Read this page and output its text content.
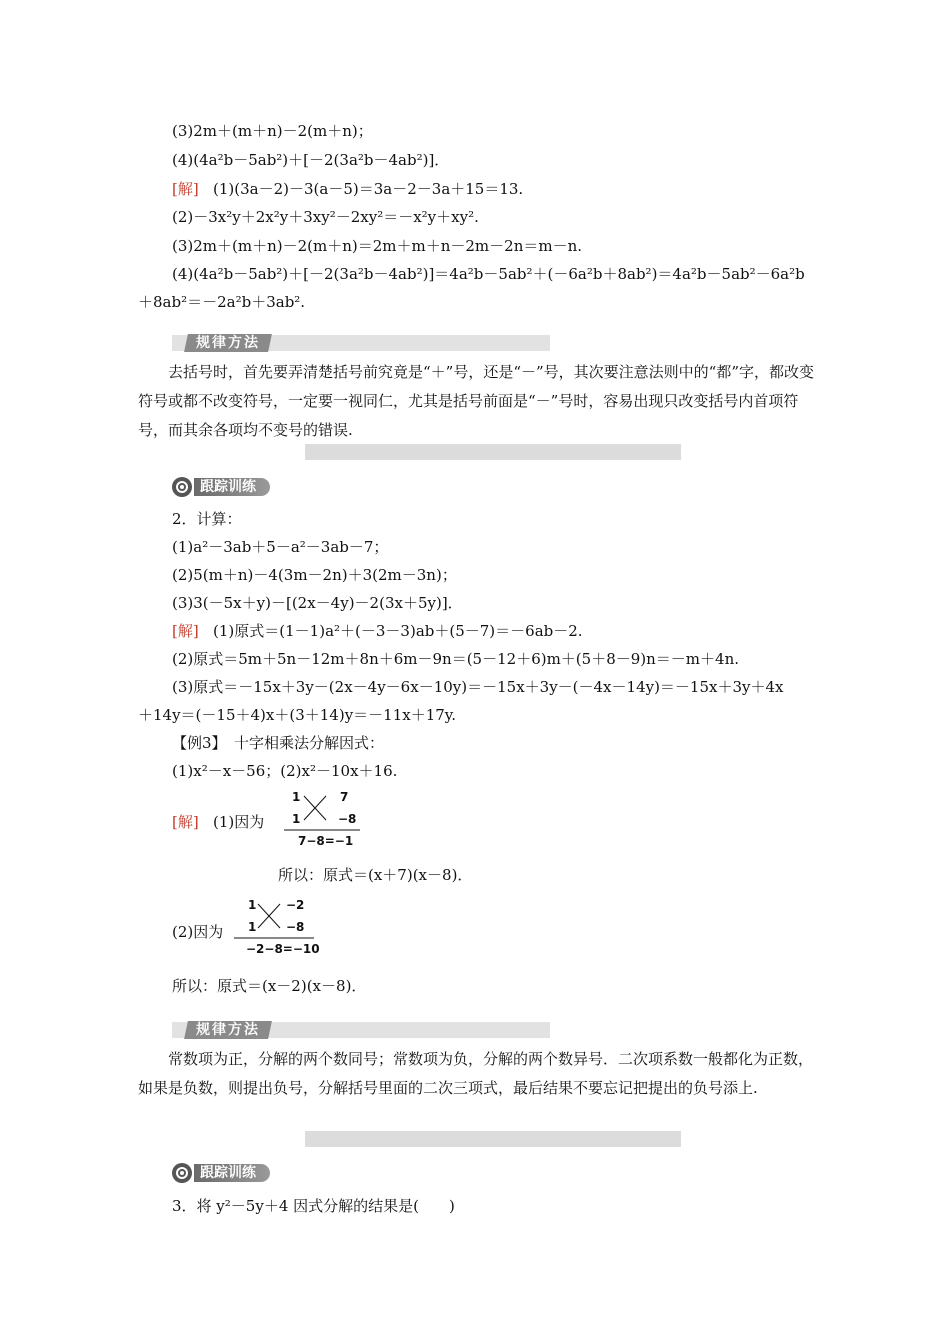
(3)2m＋(m＋n)－2(m＋n)；
(4)(4a²b－5ab²)＋[－2(3a²b－4ab²)]．
[解] (1)(3a－2)－3(a－5)＝3a－2－3a＋15＝13.
(2)－3x²y＋2x²y＋3xy²－2xy²＝－x²y＋xy².
(3)2m＋(m＋n)－2(m＋n)＝2m＋m＋n－2m－2n＝m－n.
(4)(4a²b－5ab²)＋[－2(3a²b－4ab²)]＝4a²b－5ab²＋(－6a²b＋8ab²)＝4a²b－5ab²－6a²b
＋8ab²＝－2a²b＋3ab².
规律方法
去括号时，首先要弄清楚括号前究竟是“＋”号，还是“－”号，其次要注意法则中的“都”字，都改变符号或都不改变符号，一定要一视同仁，尤其是括号前面是“－”号时，容易出现只改变括号内首项符号，而其余各项均不变号的错误.
跟踪训练
2．计算：
(1)a²－3ab＋5－a²－3ab－7；
(2)5(m＋n)－4(3m－2n)＋3(2m－3n)；
(3)3(－5x＋y)－[(2x－4y)－2(3x＋5y)]．
[解] (1)原式＝(1－1)a²＋(－3－3)ab＋(5－7)＝－6ab－2.
(2)原式＝5m＋5n－12m＋8n＋6m－9n＝(5－12＋6)m＋(5＋8－9)n＝－m＋4n.
(3)原式＝－15x＋3y－(2x－4y－6x－10y)＝－15x＋3y－(－4x－14y)＝－15x＋3y＋4x
＋14y＝(－15＋4)x＋(3＋14)y＝－11x＋17y.
【例3】　十字相乘法分解因式：
(1)x²－x－56；(2)x²－10x＋16.
[解] (1)因为
1	7
1	−8
7−8=−1
所以：原式＝(x＋7)(x－8)．
(2)因为
1 −2
1 −8
−2−8=−10
所以：原式＝(x－2)(x－8)．
规律方法
常数项为正，分解的两个数同号；常数项为负，分解的两个数异号．二次项系数一般都化为正数，如果是负数，则提出负号，分解括号里面的二次三项式，最后结果不要忘记把提出的负号添上.
跟踪训练
3．将 y²－5y＋4 因式分解的结果是(　　)
